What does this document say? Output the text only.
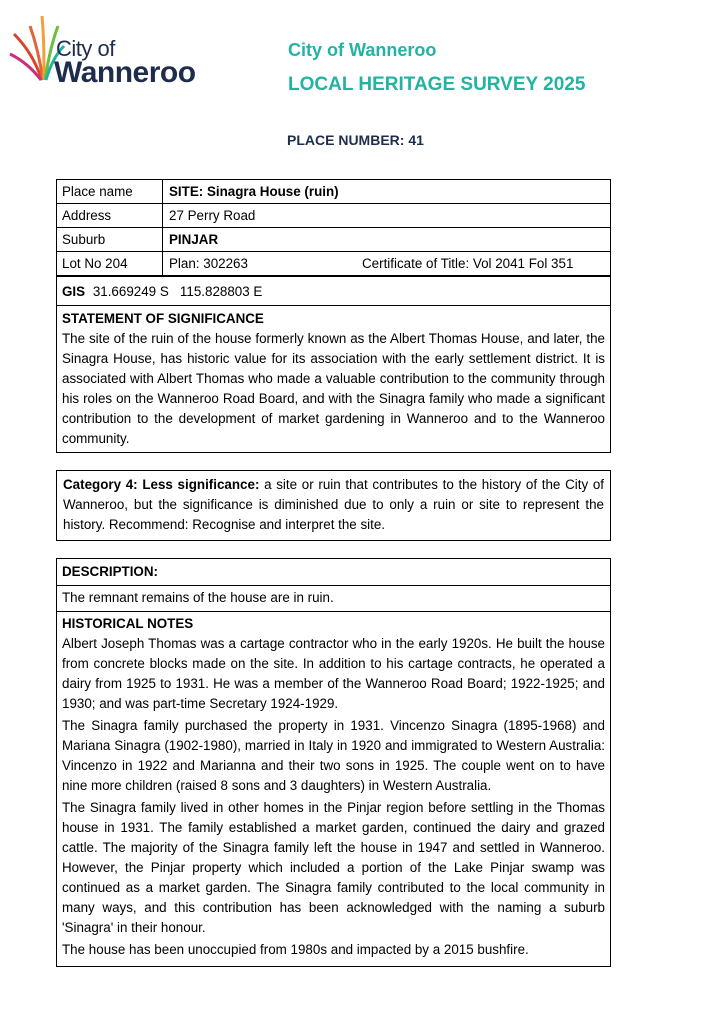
City of
Wanneroo
City of Wanneroo
LOCAL HERITAGE SURVEY 2025
PLACE NUMBER: 41
Place name	SITE: Sinagra House (ruin)
Address	27 Perry Road
Suburb	PINJAR
Lot No 204	Plan: 302263	Certificate of Title: Vol 2041 Fol 351
GIS 31.669249 S   115.828803 E
STATEMENT OF SIGNIFICANCE
The site of the ruin of the house formerly known as the Albert Thomas House, and later, the Sinagra House, has historic value for its association with the early settlement district. It is associated with Albert Thomas who made a valuable contribution to the community through his roles on the Wanneroo Road Board, and with the Sinagra family who made a significant contribution to the development of market gardening in Wanneroo and to the Wanneroo community.
Category 4: Less significance: a site or ruin that contributes to the history of the City of Wanneroo, but the significance is diminished due to only a ruin or site to represent the history. Recommend: Recognise and interpret the site.
DESCRIPTION:
The remnant remains of the house are in ruin.
HISTORICAL NOTES
Albert Joseph Thomas was a cartage contractor who in the early 1920s. He built the house from concrete blocks made on the site. In addition to his cartage contracts, he operated a dairy from 1925 to 1931. He was a member of the Wanneroo Road Board; 1922-1925; and 1930; and was part-time Secretary 1924-1929.
The Sinagra family purchased the property in 1931. Vincenzo Sinagra (1895-1968) and Mariana Sinagra (1902-1980), married in Italy in 1920 and immigrated to Western Australia: Vincenzo in 1922 and Marianna and their two sons in 1925. The couple went on to have nine more children (raised 8 sons and 3 daughters) in Western Australia.
The Sinagra family lived in other homes in the Pinjar region before settling in the Thomas house in 1931. The family established a market garden, continued the dairy and grazed cattle. The majority of the Sinagra family left the house in 1947 and settled in Wanneroo. However, the Pinjar property which included a portion of the Lake Pinjar swamp was continued as a market garden. The Sinagra family contributed to the local community in many ways, and this contribution has been acknowledged with the naming a suburb 'Sinagra' in their honour.
The house has been unoccupied from 1980s and impacted by a 2015 bushfire.
